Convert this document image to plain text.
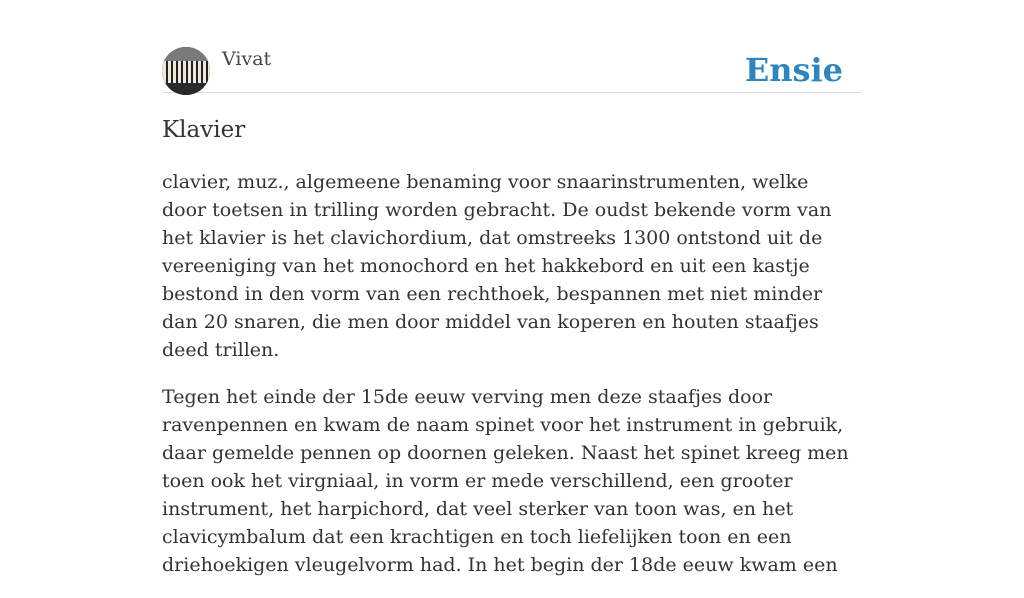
Vivat	Ensie
Klavier

clavier, muz., algemeene benaming voor snaarinstrumenten, welke door toetsen in trilling worden gebracht. De oudst bekende vorm van het klavier is het clavichordium, dat omstreeks 1300 ontstond uit de vereeniging van het monochord en het hakkebord en uit een kastje bestond in den vorm van een rechthoek, bespannen met niet minder dan 20 snaren, die men door middel van koperen en houten staafjes deed trillen.

Tegen het einde der 15de eeuw verving men deze staafjes door ravenpennen en kwam de naam spinet voor het instrument in gebruik, daar gemelde pennen op doornen geleken. Naast het spinet kreeg men toen ook het virgniaal, in vorm er mede verschillend, een grooter instrument, het harpichord, dat veel sterker van toon was, en het clavicymbalum dat een krachtigen en toch liefelijken toon en een driehoekigen vleugelvorm had. In het begin der 18de eeuw kwam een
